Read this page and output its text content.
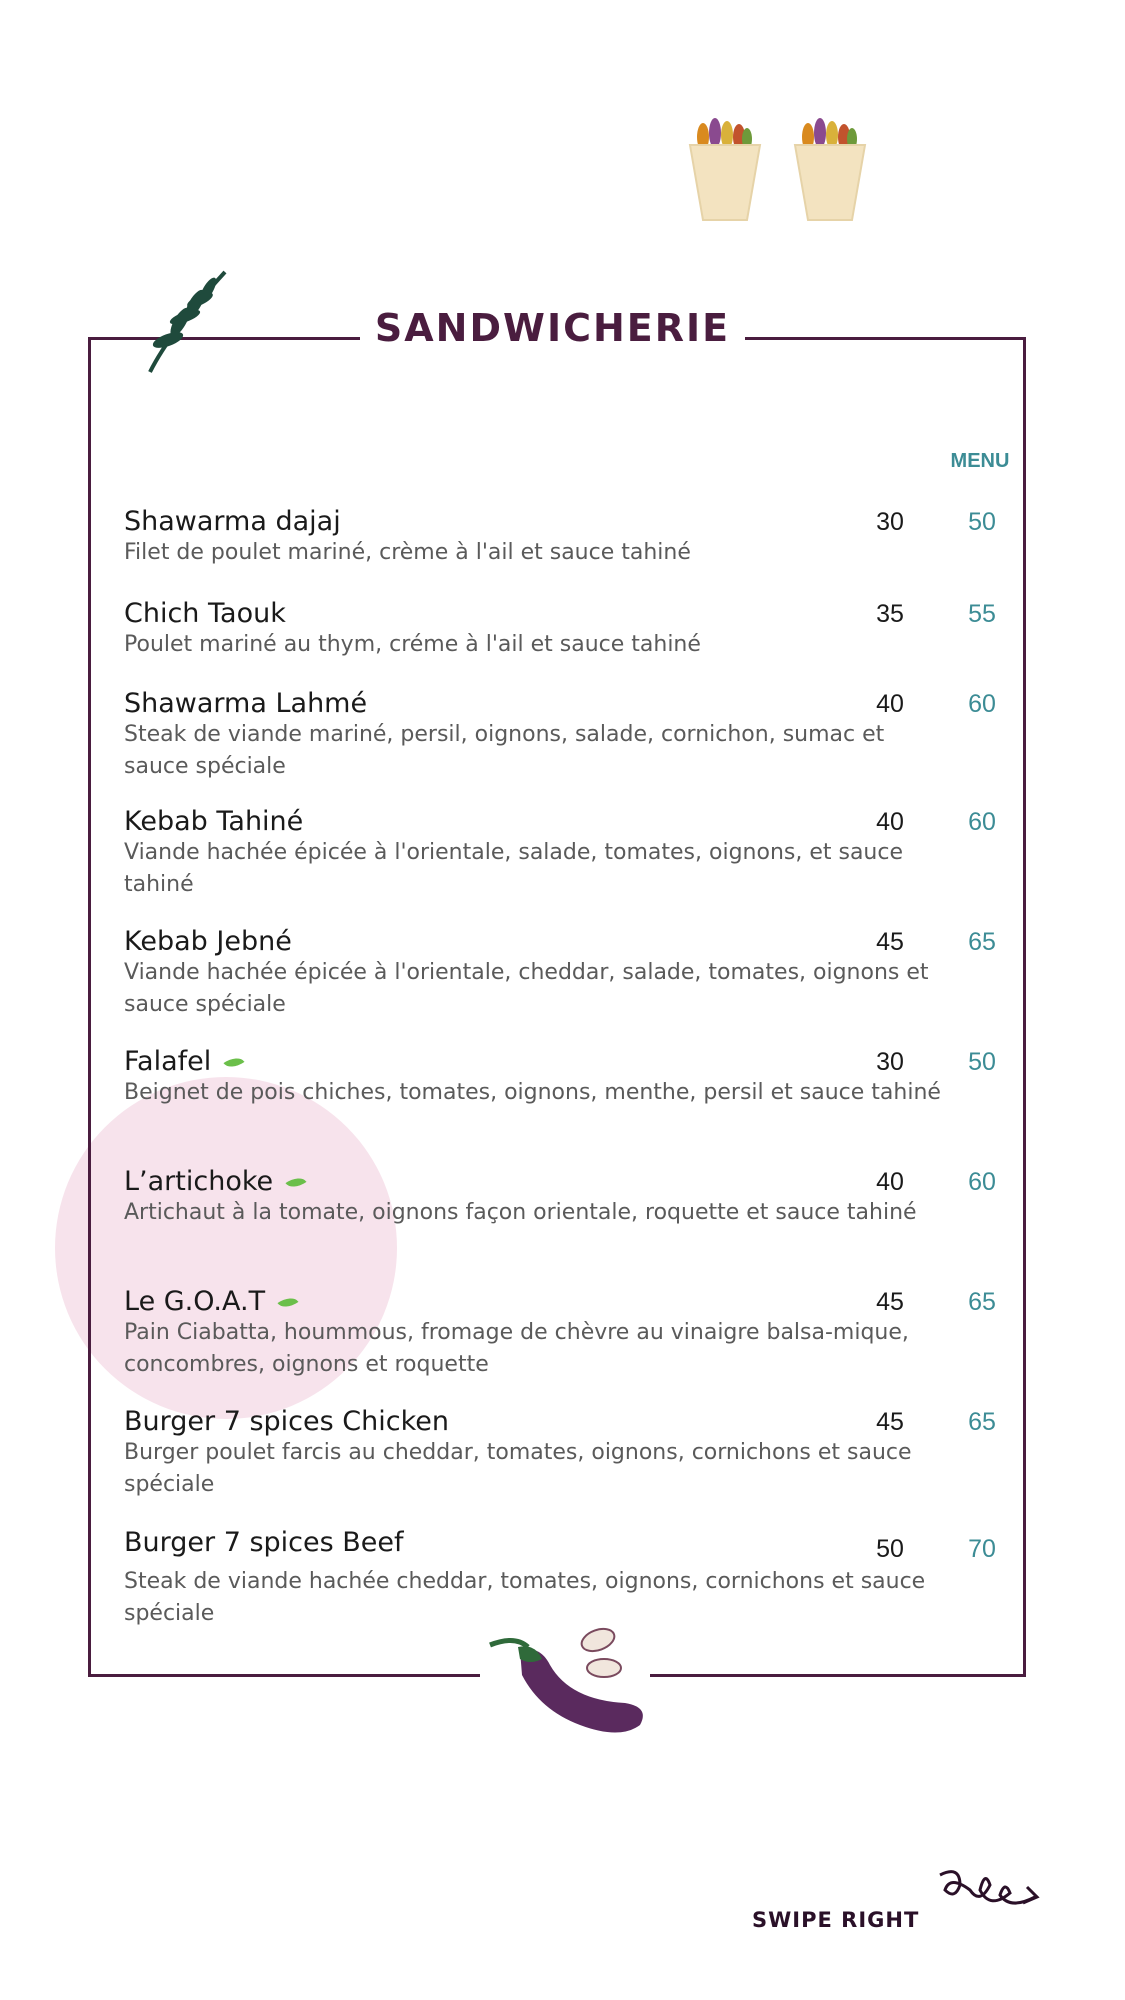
SANDWICHERIE
MENU
Shawarma dajaj
Filet de poulet mariné, crème à l'ail et sauce tahiné
30	50
Chich Taouk
Poulet mariné au thym, créme à l'ail et sauce tahiné
35	55
Shawarma Lahmé
Steak de viande mariné, persil, oignons, salade, cornichon, sumac et sauce spéciale
40	60
Kebab Tahiné
Viande hachée épicée à l'orientale, salade, tomates, oignons, et sauce tahiné
40	60
Kebab Jebné
Viande hachée épicée à l'orientale, cheddar, salade, tomates, oignons et sauce spéciale
45	65
Falafel
Beignet de pois chiches, tomates, oignons, menthe, persil et sauce tahiné
30	50
L’artichoke
Artichaut à la tomate, oignons façon orientale, roquette et sauce tahiné
40	60
Le G.O.A.T
Pain Ciabatta, hoummous, fromage de chèvre au vinaigre balsa-mique, concombres, oignons et roquette
45	65
Burger 7 spices Chicken
Burger poulet farcis au cheddar, tomates, oignons, cornichons et sauce spéciale
45	65
Burger 7 spices Beef
Steak de viande hachée cheddar, tomates, oignons, cornichons et sauce spéciale
50	70
SWIPE RIGHT
